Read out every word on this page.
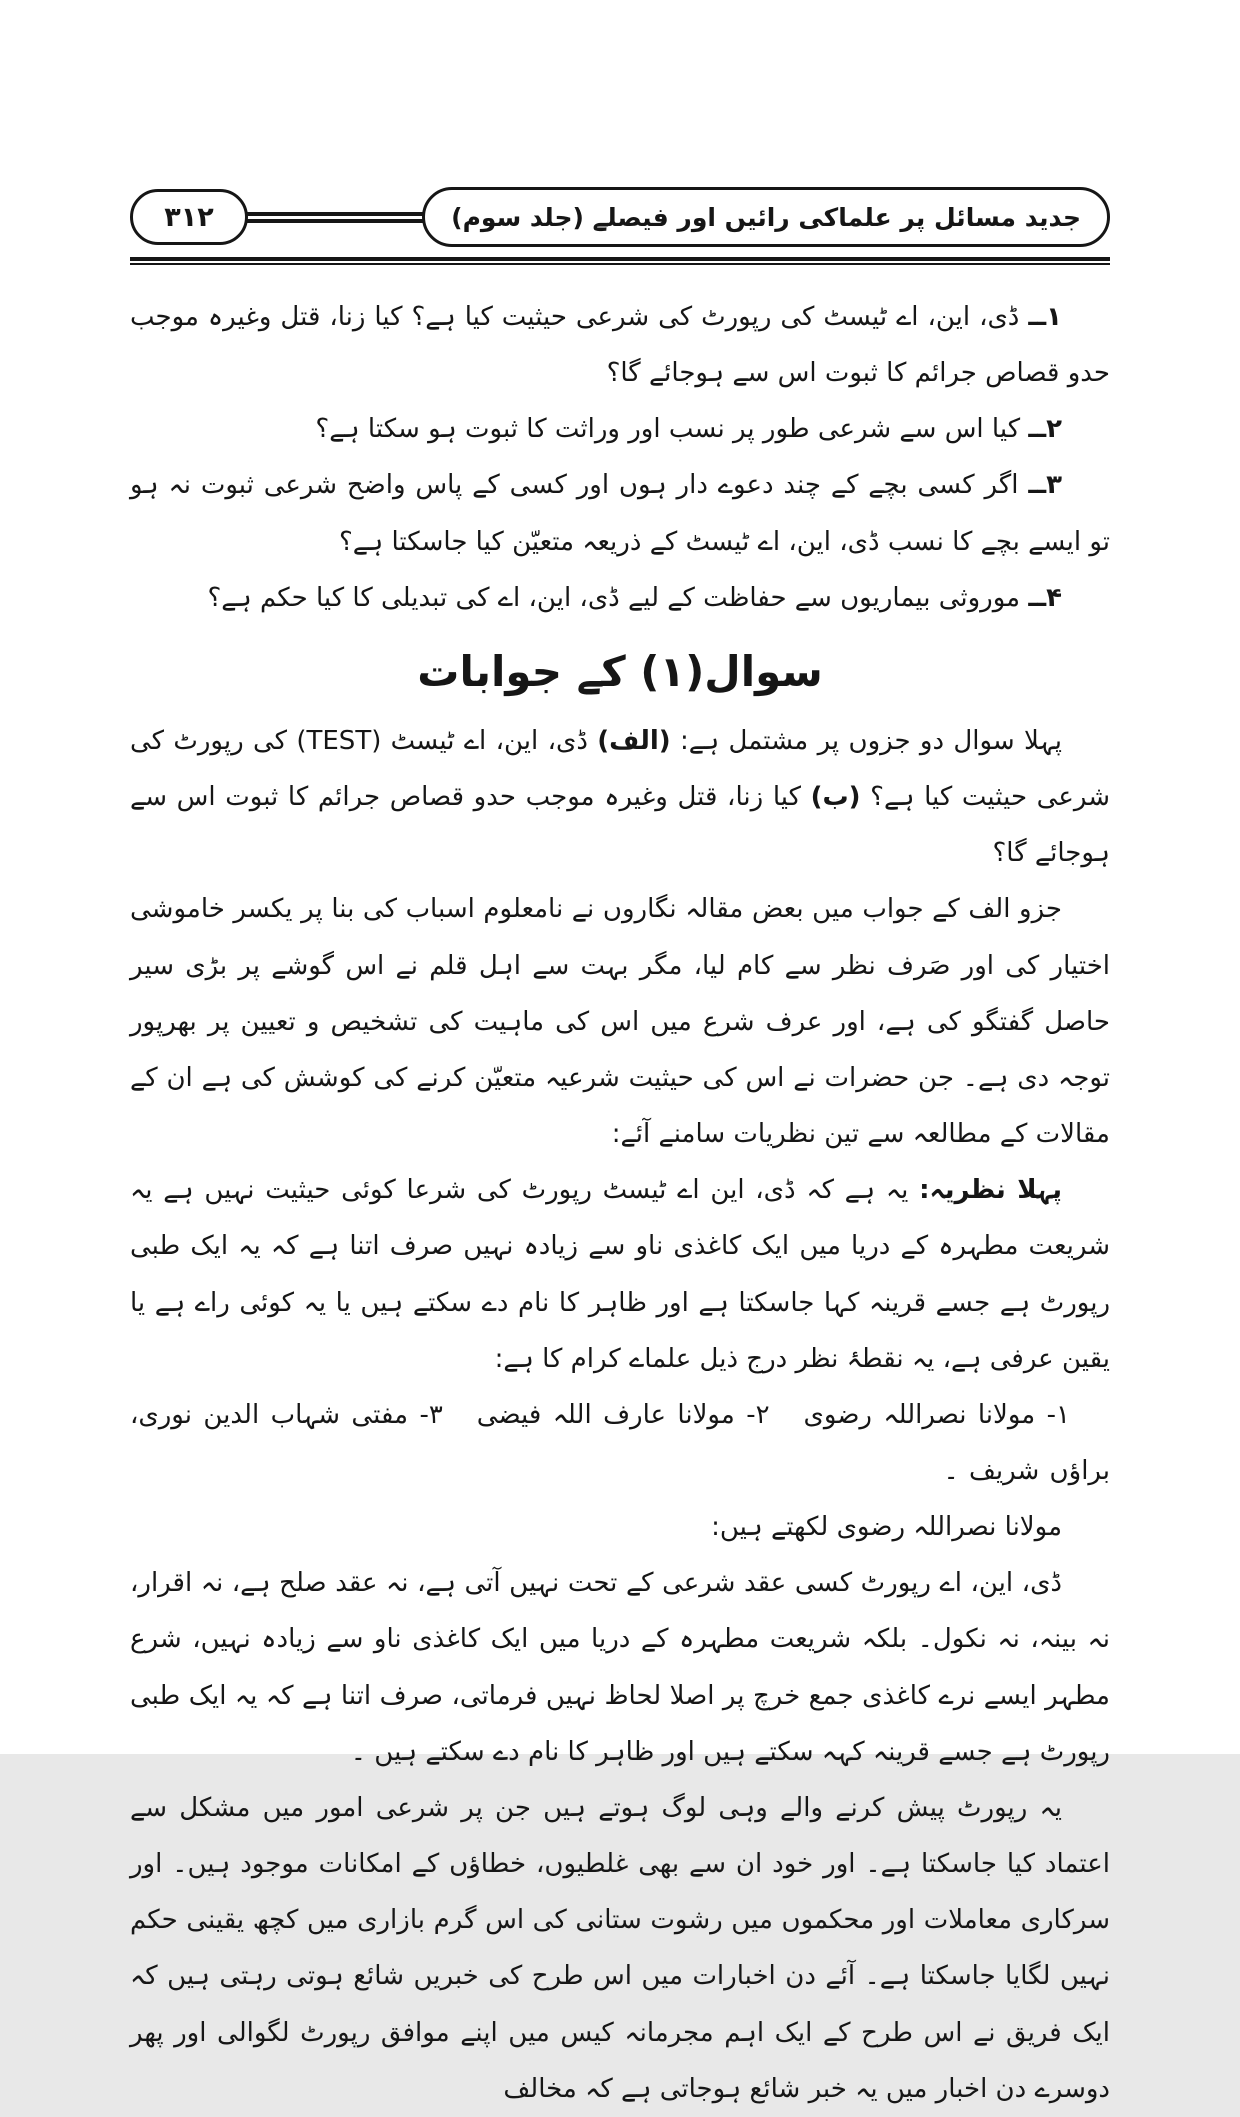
۳۱۲	جدید مسائل پر علماکی رائیں اور فیصلے (جلد سوم)

۱ــ ڈی، این، اے ٹیسٹ کی رپورٹ کی شرعی حیثیت کیا ہے؟ کیا زنا، قتل وغیرہ موجب حدو قصاص جرائم کا ثبوت اس سے ہوجائے گا؟

۲ــ کیا اس سے شرعی طور پر نسب اور وراثت کا ثبوت ہو سکتا ہے؟

۳ــ اگر کسی بچے کے چند دعوے دار ہوں اور کسی کے پاس واضح شرعی ثبوت نہ ہو تو ایسے بچے کا نسب ڈی، این، اے ٹیسٹ کے ذریعہ متعیّن کیا جاسکتا ہے؟

۴ــ موروثی بیماریوں سے حفاظت کے لیے ڈی، این، اے کی تبدیلی کا کیا حکم ہے؟

سوال(۱) کے جوابات

پہلا سوال دو جزوں پر مشتمل ہے: (الف) ڈی، این، اے ٹیسٹ (TEST) کی رپورٹ کی شرعی حیثیت کیا ہے؟ (ب) کیا زنا، قتل وغیرہ موجب حدو قصاص جرائم کا ثبوت اس سے ہوجائے گا؟

جزو الف کے جواب میں بعض مقالہ نگاروں نے نامعلوم اسباب کی بنا پر یکسر خاموشی اختیار کی اور صَرف نظر سے کام لیا، مگر بہت سے اہل قلم نے اس گوشے پر بڑی سیر حاصل گفتگو کی ہے، اور عرف شرع میں اس کی ماہیت کی تشخیص و تعیین پر بھرپور توجہ دی ہے۔ جن حضرات نے اس کی حیثیت شرعیہ متعیّن کرنے کی کوشش کی ہے ان کے مقالات کے مطالعہ سے تین نظریات سامنے آئے:

پہلا نظریہ: یہ ہے کہ ڈی، این اے ٹیسٹ رپورٹ کی شرعا کوئی حیثیت نہیں ہے یہ شریعت مطہرہ کے دریا میں ایک کاغذی ناو سے زیادہ نہیں صرف اتنا ہے کہ یہ ایک طبی رپورٹ ہے جسے قرینہ کہا جاسکتا ہے اور ظاہر کا نام دے سکتے ہیں یا یہ کوئی راے ہے یا یقین عرفی ہے، یہ نقطۂ نظر درج ذیل علماے کرام کا ہے:

۱- مولانا نصراللہ رضوی۲- مولانا عارف اللہ فیضی۳- مفتی شہاب الدین نوری، براؤں شریف ۔

مولانا نصراللہ رضوی لکھتے ہیں:

ڈی، این، اے رپورٹ کسی عقد شرعی کے تحت نہیں آتی ہے، نہ عقد صلح ہے، نہ اقرار، نہ بینہ، نہ نکول۔ بلکہ شریعت مطہرہ کے دریا میں ایک کاغذی ناو سے زیادہ نہیں، شرع مطہر ایسے نرے کاغذی جمع خرچ پر اصلا لحاظ نہیں فرماتی، صرف اتنا ہے کہ یہ ایک طبی رپورٹ ہے جسے قرینہ کہہ سکتے ہیں اور ظاہر کا نام دے سکتے ہیں ۔

یہ رپورٹ پیش کرنے والے وہی لوگ ہوتے ہیں جن پر شرعی امور میں مشکل سے اعتماد کیا جاسکتا ہے۔ اور خود ان سے بھی غلطیوں، خطاؤں کے امکانات موجود ہیں۔ اور سرکاری معاملات اور محکموں میں رشوت ستانی کی اس گرم بازاری میں کچھ یقینی حکم نہیں لگایا جاسکتا ہے۔ آئے دن اخبارات میں اس طرح کی خبریں شائع ہوتی رہتی ہیں کہ ایک فریق نے اس طرح کے ایک اہم مجرمانہ کیس میں اپنے موافق رپورٹ لگوالی اور پھر دوسرے دن اخبار میں یہ خبر شائع ہوجاتی ہے کہ مخالف
